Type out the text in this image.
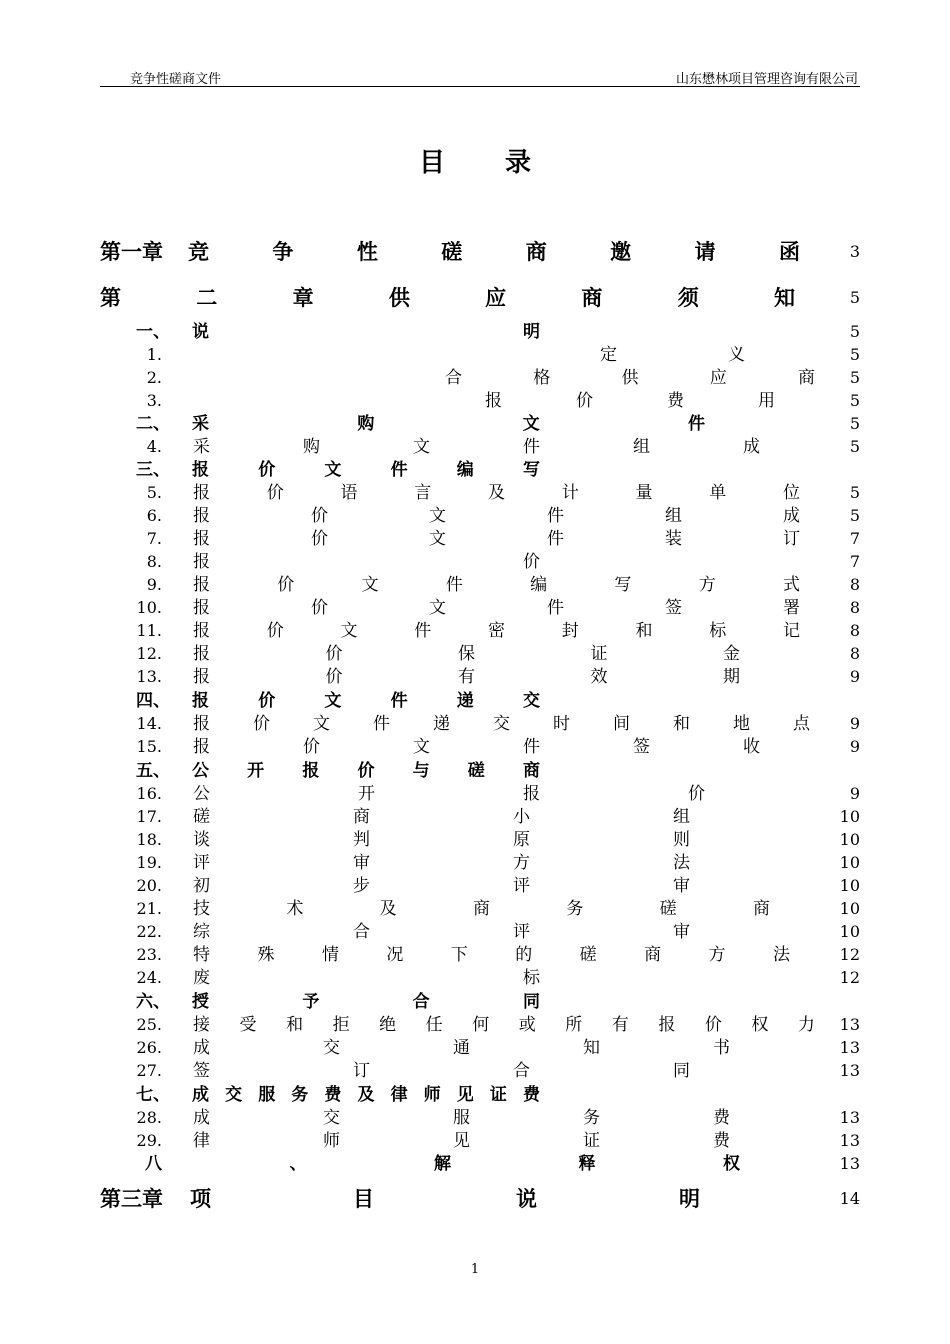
竞争性磋商文件	山东懋林项目管理咨询有限公司
目录
第一章 竞	争	性	磋	商	邀	请	函	3
第	二	章	供	应	商	须	知	5
一、 说	明	5
1.	定	义	5
2.	合	格	供	应	商 5
3.	报	价	费	用	5
二、 采	购	文	件	5
4. 采	购	文	件	组	成	5
三、 报	价	文	件	编	写
5. 报	价	语	言	及	计	量	单	位	5
6. 报	价	文	件	组	成	5
7. 报	价	文	件	装	订	7
8. 报	价	7
9. 报	价	文	件	编	写	方	式	8
10. 报	价	文	件	签	署	8
11. 报	价	文	件	密	封	和	标	记	8
12. 报	价	保	证	金	8
13. 报	价	有	效	期	9
四、 报	价	文	件	递	交
14. 报	价	文	件	递	交	时	间	和	地	点 9
15. 报	价	文	件	签	收	9
五、 公 开 报 价 与 磋 商
16. 公	开	报	价	9
17. 磋	商	小	组	10
18. 谈	判	原	则	10
19. 评	审	方	法	10
20. 初	步	评	审	10
21. 技	术	及	商	务	磋	商	10
22. 综	合	评	审	10
23. 特	殊	情	况	下	的	磋	商	方	法	12
24. 废	标	12
六、 授	予	合	同
25. 接 受 和 拒 绝 任 何 或 所 有 报 价 权 力 13
26. 成	交	通	知	书	13
27. 签	订	合	同	13
七、 成 交 服 务 费 及 律 师 见 证 费
28. 成	交	服	务	费	13
29. 律	师	见	证	费	13
八	、	解	释	权	13
第三章 项	目	说	明	14
1
